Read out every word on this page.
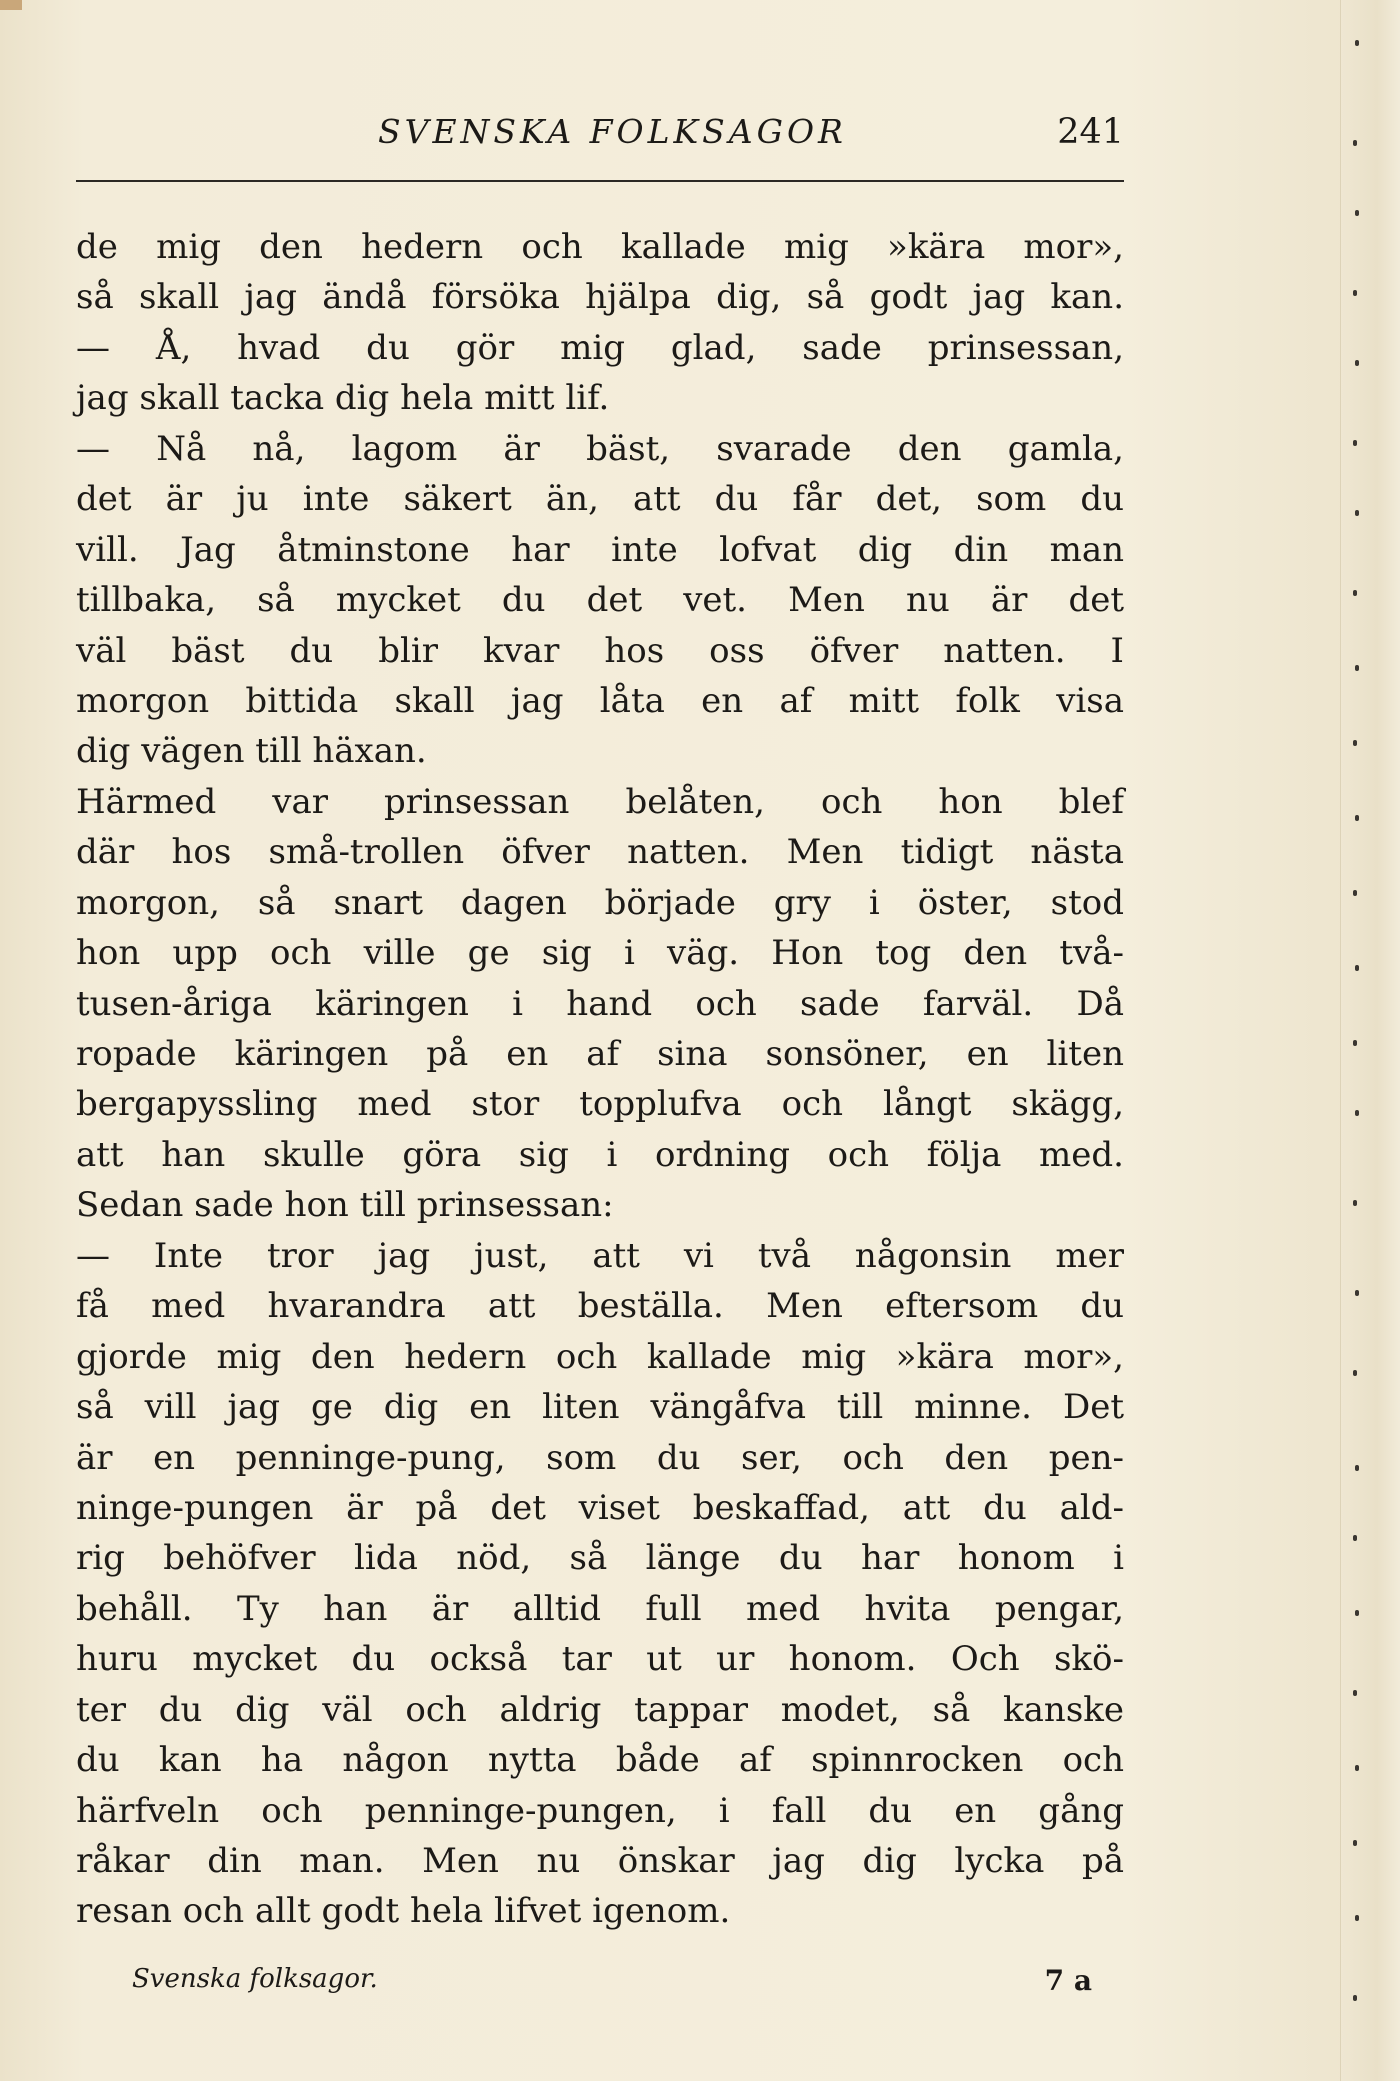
SVENSKA FOLKSAGOR	241
de mig den hedern och kallade mig »kära mor»,
så skall jag ändå försöka hjälpa dig, så godt jag kan.
— Å, hvad du gör mig glad, sade prinsessan,
jag skall tacka dig hela mitt lif.
— Nå nå, lagom är bäst, svarade den gamla,
det är ju inte säkert än, att du får det, som du
vill. Jag åtminstone har inte lofvat dig din man
tillbaka, så mycket du det vet. Men nu är det
väl bäst du blir kvar hos oss öfver natten. I
morgon bittida skall jag låta en af mitt folk visa
dig vägen till häxan.
Härmed var prinsessan belåten, och hon blef
där hos små-trollen öfver natten. Men tidigt nästa
morgon, så snart dagen började gry i öster, stod
hon upp och ville ge sig i väg. Hon tog den två-
tusen-åriga käringen i hand och sade farväl. Då
ropade käringen på en af sina sonsöner, en liten
bergapyssling med stor topplufva och långt skägg,
att han skulle göra sig i ordning och följa med.
Sedan sade hon till prinsessan:
— Inte tror jag just, att vi två någonsin mer
få med hvarandra att beställa. Men eftersom du
gjorde mig den hedern och kallade mig »kära mor»,
så vill jag ge dig en liten vängåfva till minne. Det
är en penninge-pung, som du ser, och den pen-
ninge-pungen är på det viset beskaffad, att du ald-
rig behöfver lida nöd, så länge du har honom i
behåll. Ty han är alltid full med hvita pengar,
huru mycket du också tar ut ur honom. Och skö-
ter du dig väl och aldrig tappar modet, så kanske
du kan ha någon nytta både af spinnrocken och
härfveln och penninge-pungen, i fall du en gång
råkar din man. Men nu önskar jag dig lycka på
resan och allt godt hela lifvet igenom.
Svenska folksagor.	7 a
